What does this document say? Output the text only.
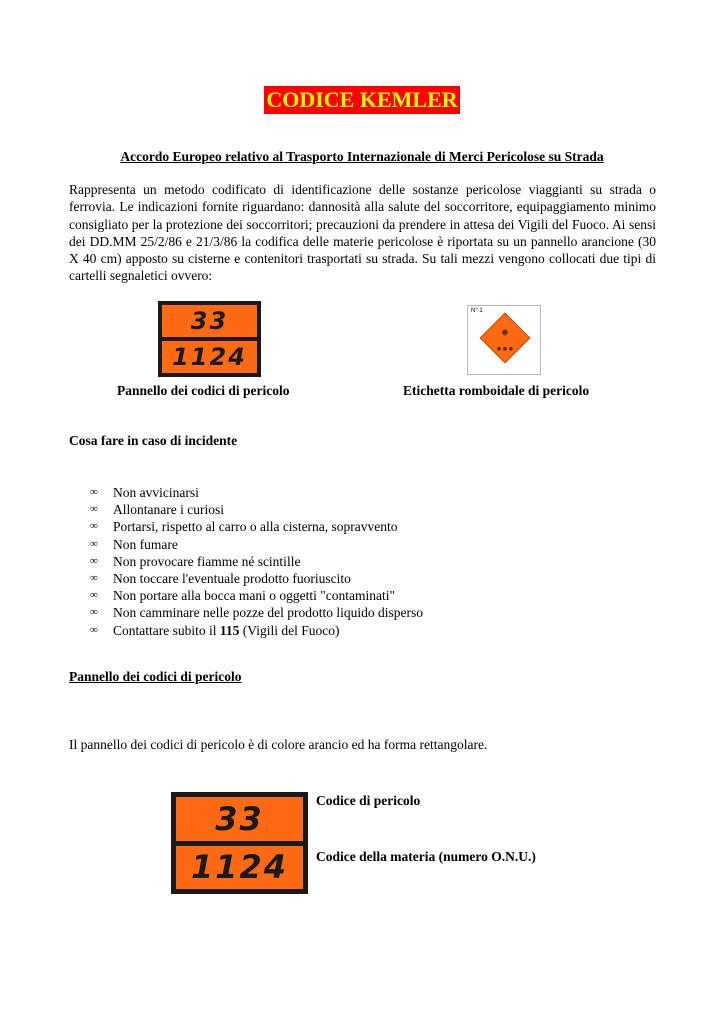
CODICE KEMLER
Accordo Europeo relativo al Trasporto Internazionale di Merci Pericolose su Strada

Rappresenta un metodo codificato di identificazione delle sostanze pericolose viaggianti su strada o ferrovia. Le indicazioni fornite riguardano: dannosità alla salute del soccorritore, equipaggiamento minimo consigliato per la protezione dei soccorritori; precauzioni da prendere in attesa dei Vigili del Fuoco. Ai sensi dei DD.MM 25/2/86 e 21/3/86 la codifica delle materie pericolose è riportata su un pannello arancione (30 X 40 cm) apposto su cisterne e contenitori trasportati su strada. Su tali mezzi vengono collocati due tipi di cartelli segnaletici ovvero:

33
1124
N° 1
✸
● ● ●
Pannello dei codici di pericolo	Etichetta romboidale di pericolo
Cosa fare in caso di incidente
∞	Non avvicinarsi
∞	Allontanare i curiosi
∞	Portarsi, rispetto al carro o alla cisterna, sopravvento
∞	Non fumare
∞	Non provocare fiamme né scintille
∞	Non toccare l'eventuale prodotto fuoriuscito
∞	Non portare alla bocca mani o oggetti "contaminati"
∞	Non camminare nelle pozze del prodotto liquido disperso
∞	Contattare subito il 115 (Vigili del Fuoco)
Pannello dei codici di pericolo
Il pannello dei codici di pericolo è di colore arancio ed ha forma rettangolare.
33
1124
Codice di pericolo
Codice della materia (numero O.N.U.)
